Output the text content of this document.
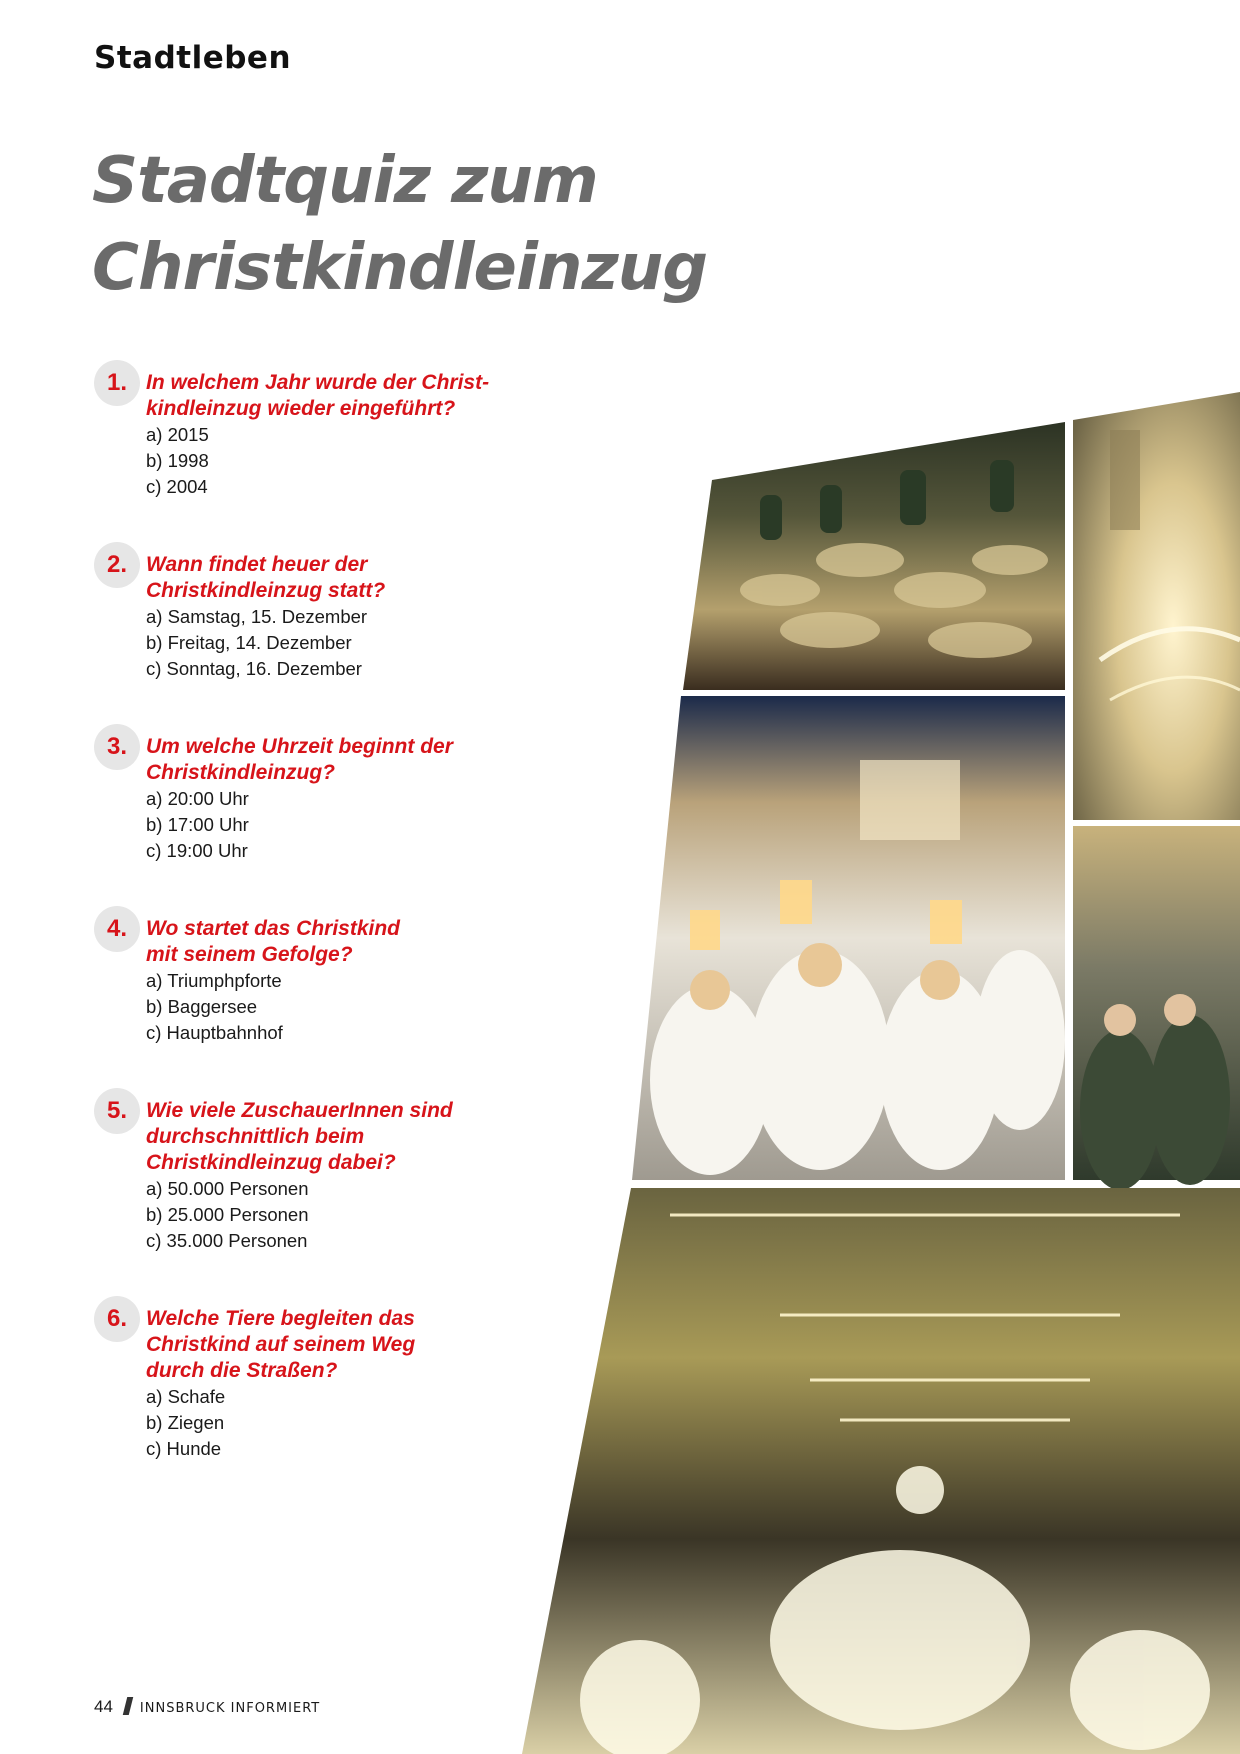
Stadtleben
Stadtquiz zum
Christkindleinzug
1. In welchem Jahr wurde der Christ-
kindleinzug wieder eingeführt?
a) 2015
b) 1998
c) 2004
2. Wann findet heuer der
Christkindleinzug statt?
a) Samstag, 15. Dezember
b) Freitag, 14. Dezember
c) Sonntag, 16. Dezember
3. Um welche Uhrzeit beginnt der
Christkindleinzug?
a) 20:00 Uhr
b) 17:00 Uhr
c) 19:00 Uhr
4. Wo startet das Christkind
mit seinem Gefolge?
a) Triumphpforte
b) Baggersee
c) Hauptbahnhof
5. Wie viele ZuschauerInnen sind
durchschnittlich beim
Christkindleinzug dabei?
a) 50.000 Personen
b) 25.000 Personen
c) 35.000 Personen
6. Welche Tiere begleiten das
Christkind auf seinem Weg
durch die Straßen?
a) Schafe
b) Ziegen
c) Hunde
44 INNSBRUCK INFORMIERT
